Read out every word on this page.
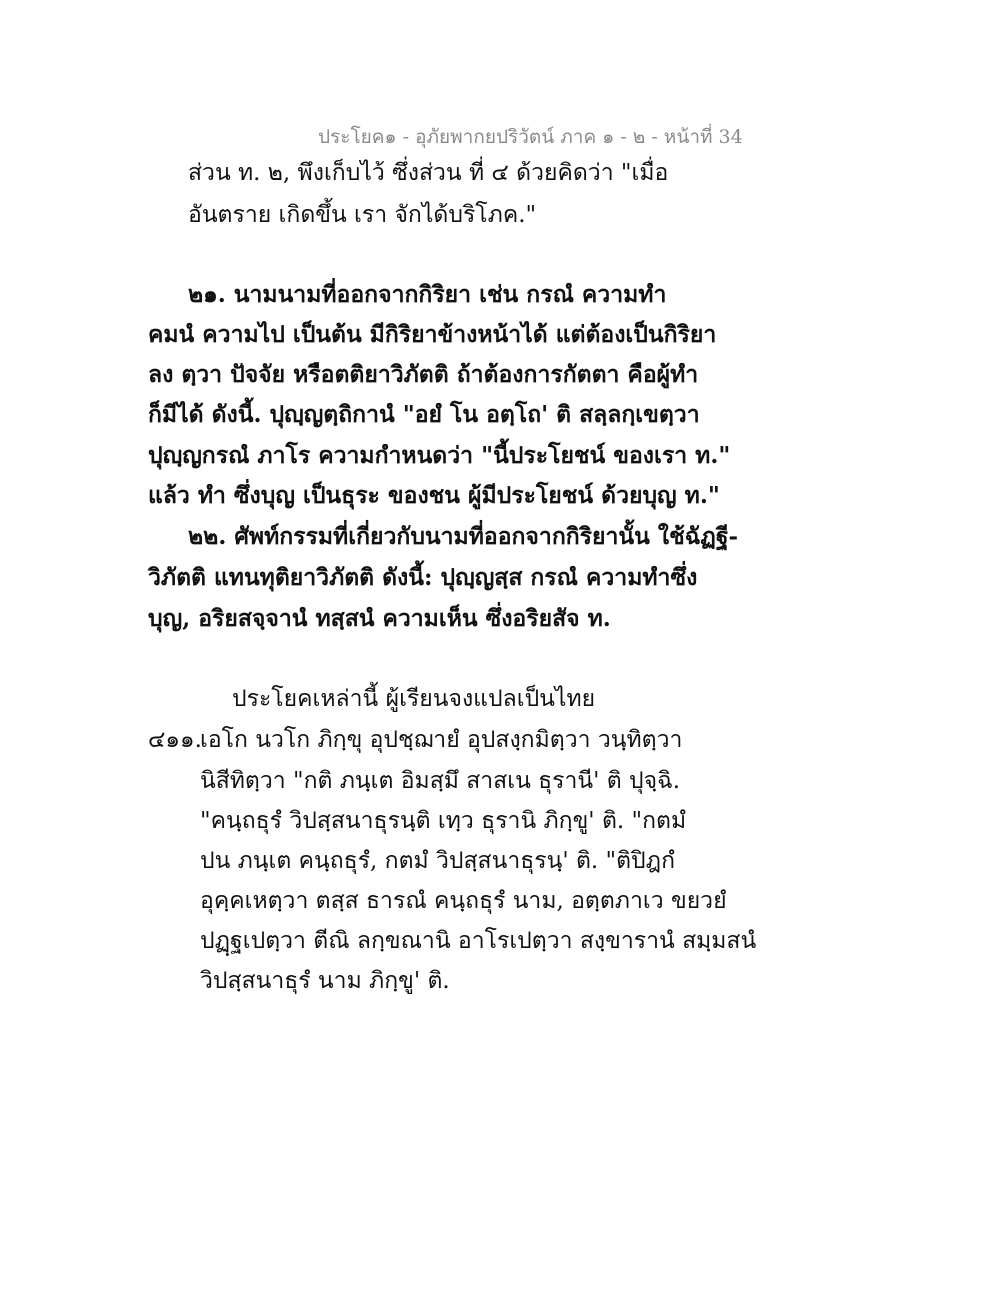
ประโยค๑ - อุภัยพากยปริวัตน์ ภาค ๑ - ๒ - หน้าที่ 34
ส่วน ท. ๒, พึงเก็บไว้ ซึ่งส่วน ที่ ๔ ด้วยคิดว่า "เมื่อ
อันตราย เกิดขึ้น เรา จักได้บริโภค."
๒๑. นามนามที่ออกจากกิริยา เช่น กรณํ ความทำ
คมนํ ความไป เป็นต้น มีกิริยาข้างหน้าได้ แต่ต้องเป็นกิริยา
ลง ตฺวา ปัจจัย หรือตติยาวิภัตติ ถ้าต้องการกัตตา คือผู้ทำ
ก็มีได้ ดังนี้. ปุญฺญตฺถิกานํ "อยํ โน อตฺโถ' ติ สลฺลกฺเขตฺวา
ปุญฺญกรณํ ภาโร ความกำหนดว่า "นี้ประโยชน์ ของเรา ท."
แล้ว ทำ ซึ่งบุญ เป็นธุระ ของชน ผู้มีประโยชน์ ด้วยบุญ ท."
๒๒. ศัพท์กรรมที่เกี่ยวกับนามที่ออกจากกิริยานั้น ใช้ฉัฏฐี-
วิภัตติ แทนทุติยาวิภัตติ ดังนี้: ปุญฺญสฺส กรณํ ความทำซึ่ง
บุญ, อริยสจฺจานํ ทสฺสนํ ความเห็น ซึ่งอริยสัจ ท.
ประโยคเหล่านี้ ผู้เรียนจงแปลเป็นไทย
๔๑๑.
เอโก นวโก ภิกฺขุ อุปชฺฌายํ อุปสงฺกมิตฺวา วนฺทิตฺวา
นิสีทิตฺวา "กติ ภนฺเต อิมสฺมึ สาสเน ธุรานี' ติ ปุจฺฉิ.
"คนฺถธุรํ วิปสฺสนาธุรนฺติ เทฺว ธุรานิ ภิกฺขู' ติ. "กตมํ
ปน ภนฺเต คนฺถธุรํ, กตมํ วิปสฺสนาธุรนฺ' ติ. "ติปิฎกํ
อุคฺคเหตฺวา ตสฺส ธารณํ คนฺถธุรํ นาม, อตฺตภาเว ขยวยํ
ปฏฺฐเปตฺวา ตีณิ ลกฺขณานิ อาโรเปตฺวา สงฺขารานํ สมฺมสนํ
วิปสฺสนาธุรํ นาม ภิกฺขู' ติ.
